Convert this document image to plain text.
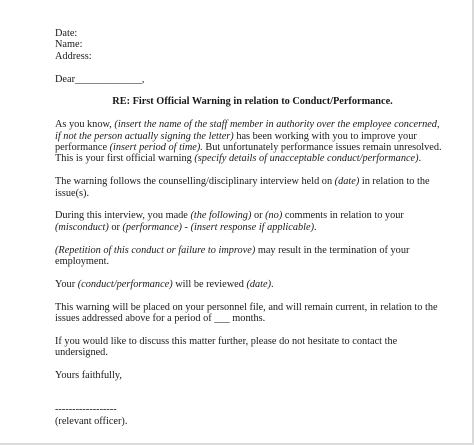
Date:
Name:
Address:
Dear_____________,
RE: First Official Warning in relation to Conduct/Performance.
As you know, (insert the name of the staff member in authority over the employee concerned,
if not the person actually signing the letter) has been working with you to improve your
performance (insert period of time). But unfortunately performance issues remain unresolved.
This is your first official warning (specify details of unacceptable conduct/performance).
The warning follows the counselling/disciplinary interview held on (date) in relation to the
issue(s).
During this interview, you made (the following) or (no) comments in relation to your
(misconduct) or (performance) - (insert response if applicable).
(Repetition of this conduct or failure to improve) may result in the termination of your
employment.
Your (conduct/performance) will be reviewed (date).
This warning will be placed on your personnel file, and will remain current, in relation to the
issues addressed above for a period of ___ months.
If you would like to discuss this matter further, please do not hesitate to contact the
undersigned.
Yours faithfully,
------------------
(relevant officer).
